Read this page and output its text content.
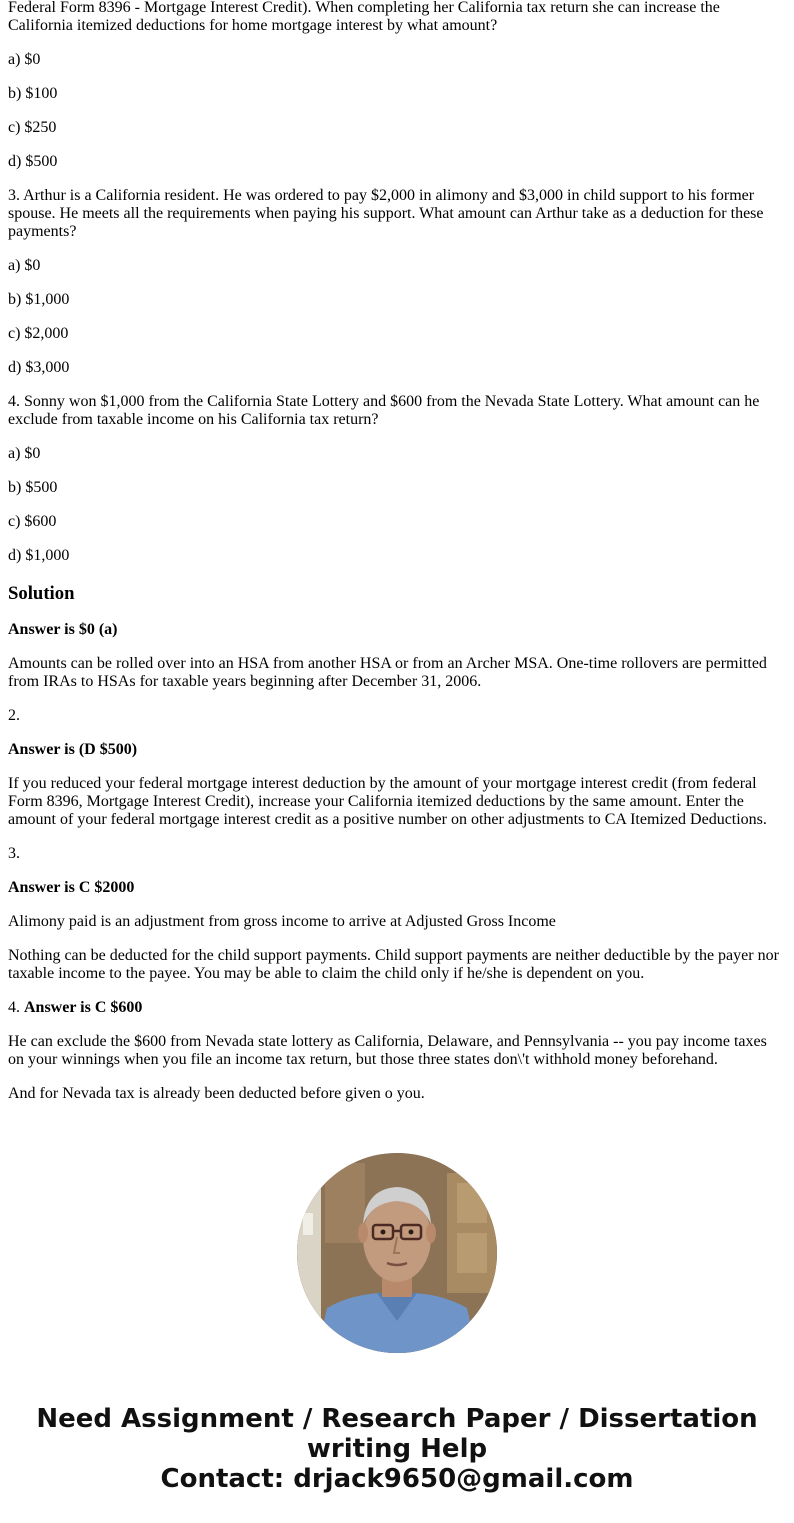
Federal Form 8396 - Mortgage Interest Credit). When completing her California tax return she can increase the California itemized deductions for home mortgage interest by what amount?

a) $0

b) $100

c) $250

d) $500

3. Arthur is a California resident. He was ordered to pay $2,000 in alimony and $3,000 in child support to his former spouse. He meets all the requirements when paying his support. What amount can Arthur take as a deduction for these payments?

a) $0

b) $1,000

c) $2,000

d) $3,000

4. Sonny won $1,000 from the California State Lottery and $600 from the Nevada State Lottery. What amount can he exclude from taxable income on his California tax return?

a) $0

b) $500

c) $600

d) $1,000

Solution

Answer is $0 (a)

Amounts can be rolled over into an HSA from another HSA or from an Archer MSA. One-time rollovers are permitted from IRAs to HSAs for taxable years beginning after December 31, 2006.

2.

Answer is (D $500)

If you reduced your federal mortgage interest deduction by the amount of your mortgage interest credit (from federal Form 8396, Mortgage Interest Credit), increase your California itemized deductions by the same amount. Enter the amount of your federal mortgage interest credit as a positive number on other adjustments to CA Itemized Deductions.

3.

Answer is C $2000

Alimony paid is an adjustment from gross income to arrive at Adjusted Gross Income

Nothing can be deducted for the child support payments. Child support payments are neither deductible by the payer nor taxable income to the payee. You may be able to claim the child only if he/she is dependent on you.

4. Answer is C $600

He can exclude the $600 from Nevada state lottery as California, Delaware, and Pennsylvania -- you pay income taxes on your winnings when you file an income tax return, but those three states don\'t withhold money beforehand.

And for Nevada tax is already been deducted before given o you.

Need Assignment / Research Paper / Dissertation
writing Help
Contact: drjack9650@gmail.com
